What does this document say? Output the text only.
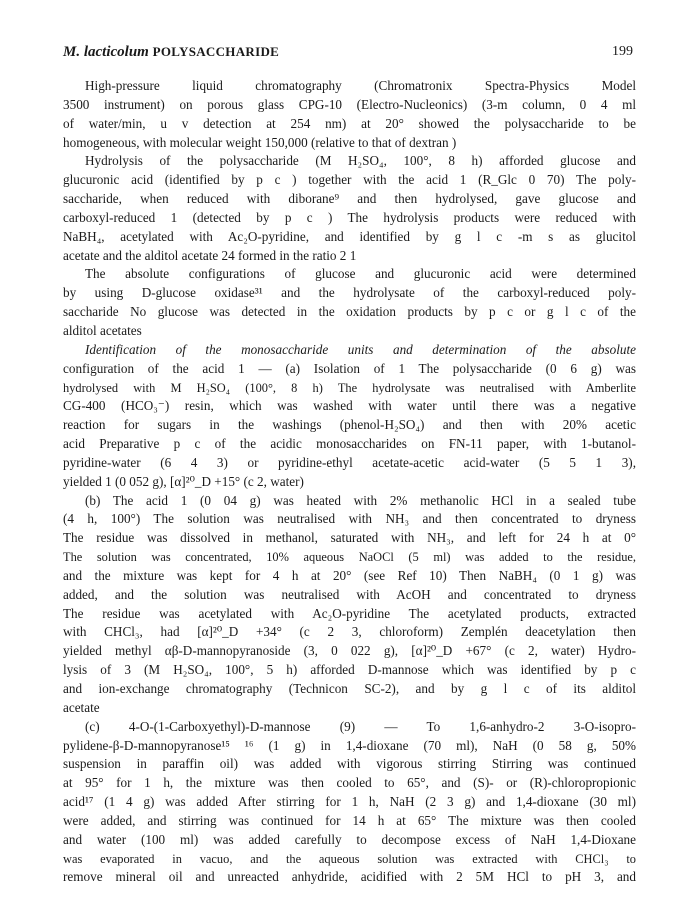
M. lacticolum POLYSACCHARIDE	199
High-pressure liquid chromatography (Chromatronix Spectra-Physics Model
3500 instrument) on porous glass CPG-10 (Electro-Nucleonics) (3-m column, 0 4 ml
of water/min, u v detection at 254 nm) at 20° showed the polysaccharide to be
homogeneous, with molecular weight 150,000 (relative to that of dextran )
Hydrolysis of the polysaccharide (M H₂SO₄, 100°, 8 h) afforded glucose and
glucuronic acid (identified by p c ) together with the acid 1 (R_Glc 0 70) The poly-
saccharide, when reduced with diborane⁹ and then hydrolysed, gave glucose and
carboxyl-reduced 1 (detected by p c ) The hydrolysis products were reduced with
NaBH₄, acetylated with Ac₂O-pyridine, and identified by g l c -m s as glucitol
acetate and the alditol acetate 24 formed in the ratio 2 1
The absolute configurations of glucose and glucuronic acid were determined
by using D-glucose oxidase³¹ and the hydrolysate of the carboxyl-reduced poly-
saccharide No glucose was detected in the oxidation products by p c or g l c of the
alditol acetates
Identification of the monosaccharide units and determination of the absolute
configuration of the acid 1 — (a) Isolation of 1 The polysaccharide (0 6 g) was
hydrolysed with M H₂SO₄ (100°, 8 h) The hydrolysate was neutralised with Amberlite
CG-400 (HCO₃⁻) resin, which was washed with water until there was a negative
reaction for sugars in the washings (phenol-H₂SO₄) and then with 20% acetic
acid Preparative p c of the acidic monosaccharides on FN-11 paper, with 1-butanol-
pyridine-water (6 4 3) or pyridine-ethyl acetate-acetic acid-water (5 5 1 3),
yielded 1 (0 052 g), [α]²⁰_D +15° (c 2, water)
(b) The acid 1 (0 04 g) was heated with 2% methanolic HCl in a sealed tube
(4 h, 100°) The solution was neutralised with NH₃ and then concentrated to dryness
The residue was dissolved in methanol, saturated with NH₃, and left for 24 h at 0°
The solution was concentrated, 10% aqueous NaOCl (5 ml) was added to the residue,
and the mixture was kept for 4 h at 20° (see Ref 10) Then NaBH₄ (0 1 g) was
added, and the solution was neutralised with AcOH and concentrated to dryness
The residue was acetylated with Ac₂O-pyridine The acetylated products, extracted
with CHCl₃, had [α]²⁰_D +34° (c 2 3, chloroform) Zemplén deacetylation then
yielded methyl αβ-D-mannopyranoside (3, 0 022 g), [α]²⁰_D +67° (c 2, water) Hydro-
lysis of 3 (M H₂SO₄, 100°, 5 h) afforded D-mannose which was identified by p c
and ion-exchange chromatography (Technicon SC-2), and by g l c of its alditol
acetate
(c) 4-O-(1-Carboxyethyl)-D-mannose (9) — To 1,6-anhydro-2 3-O-isopro-
pylidene-β-D-mannopyranose¹⁵ ¹⁶ (1 g) in 1,4-dioxane (70 ml), NaH (0 58 g, 50%
suspension in paraffin oil) was added with vigorous stirring Stirring was continued
at 95° for 1 h, the mixture was then cooled to 65°, and (S)- or (R)-chloropropionic
acid¹⁷ (1 4 g) was added After stirring for 1 h, NaH (2 3 g) and 1,4-dioxane (30 ml)
were added, and stirring was continued for 14 h at 65° The mixture was then cooled
and water (100 ml) was added carefully to decompose excess of NaH 1,4-Dioxane
was evaporated in vacuo, and the aqueous solution was extracted with CHCl₃ to
remove mineral oil and unreacted anhydride, acidified with 2 5M HCl to pH 3, and
